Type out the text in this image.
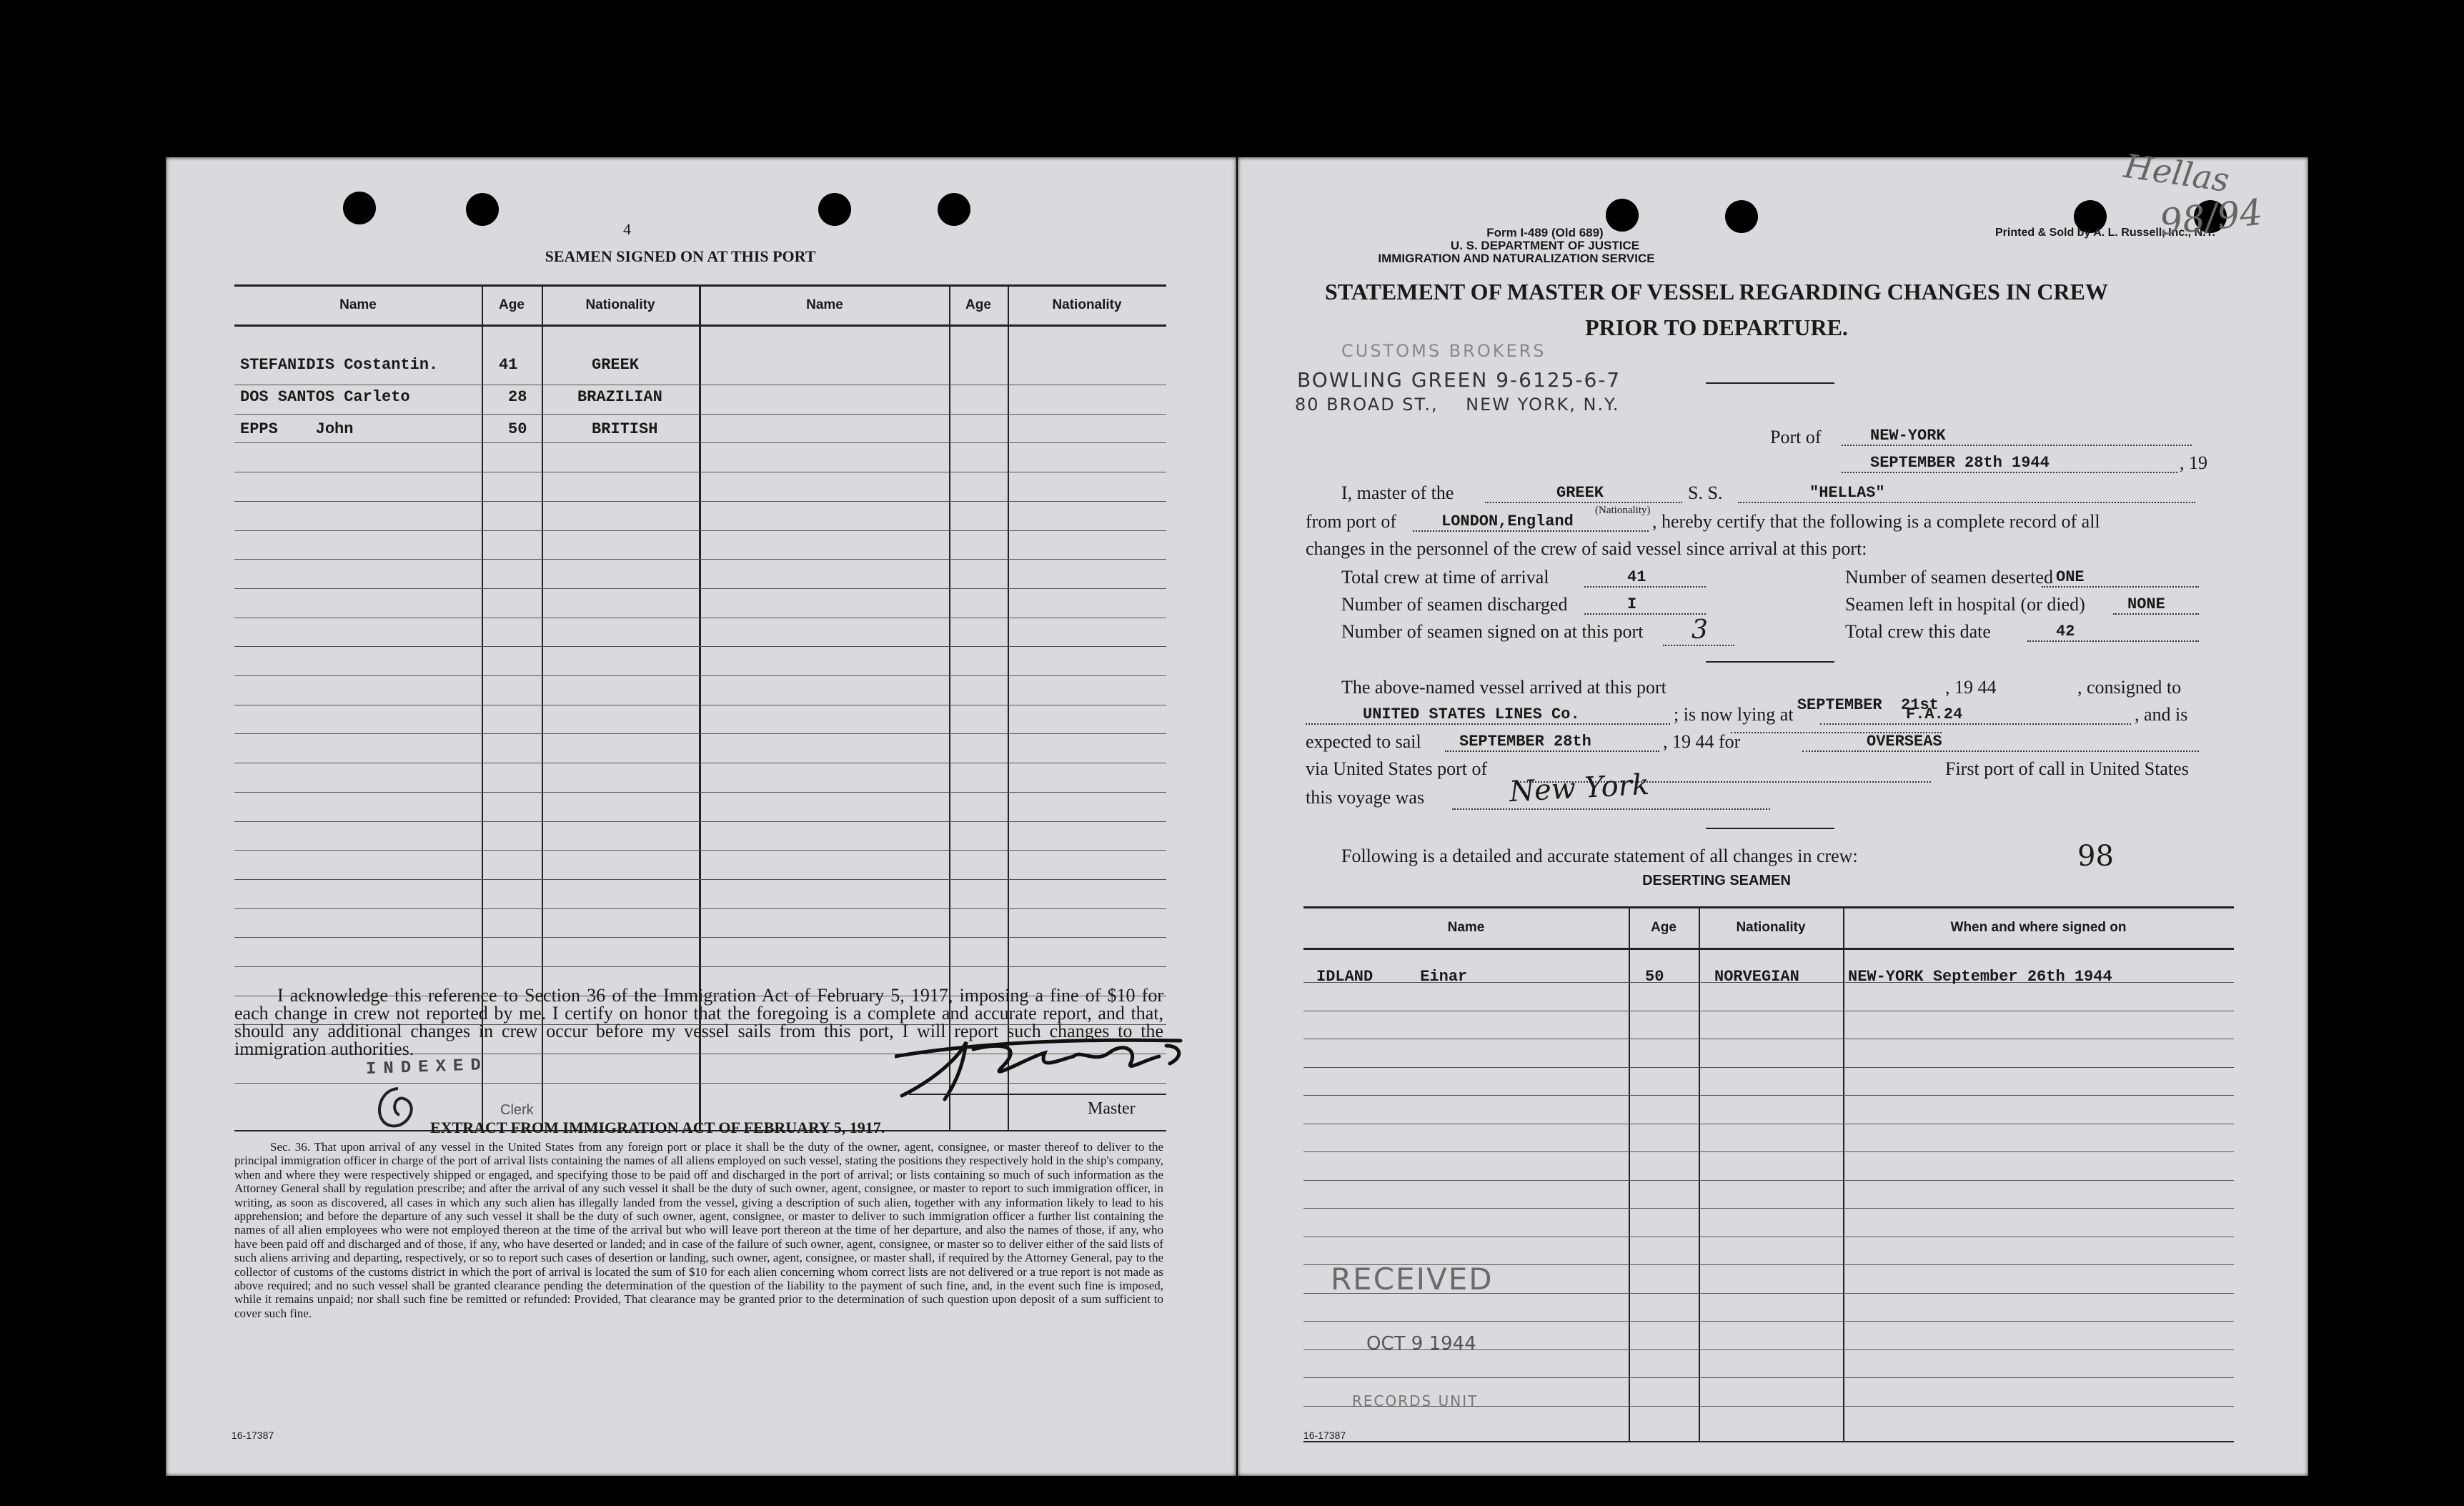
4
SEAMEN SIGNED ON AT THIS PORT
Name	Age	Nationality	Name	Age	Nationality
STEFANIDIS Costantin.	41	GREEK
DOS SANTOS Carleto	28	BRAZILIAN
EPPS    John	50	BRITISH
I acknowledge this reference to Section 36 of the Immigration Act of February 5, 1917, imposing a fine of $10 for each change in crew not reported by me. I certify on honor that the foregoing is a complete and accurate report, and that, should any additional changes in crew occur before my vessel sails from this port, I will report such changes to the immigration authorities.
INDEXED
Clerk	Master
EXTRACT FROM IMMIGRATION ACT OF FEBRUARY 5, 1917.
Sec. 36. That upon arrival of any vessel in the United States from any foreign port or place it shall be the duty of the owner, agent, consignee, or master thereof to deliver to the principal immigration officer in charge of the port of arrival lists containing the names of all aliens employed on such vessel, stating the positions they respectively hold in the ship's company, when and where they were respectively shipped or engaged, and specifying those to be paid off and discharged in the port of arrival; or lists containing so much of such information as the Attorney General shall by regulation prescribe; and after the arrival of any such vessel it shall be the duty of such owner, agent, consignee, or master to report to such immigration officer, in writing, as soon as discovered, all cases in which any such alien has illegally landed from the vessel, giving a description of such alien, together with any information likely to lead to his apprehension; and before the departure of any such vessel it shall be the duty of such owner, agent, consignee, or master to deliver to such immigration officer a further list containing the names of all alien employees who were not employed thereon at the time of the arrival but who will leave port thereon at the time of her departure, and also the names of those, if any, who have been paid off and discharged and of those, if any, who have deserted or landed; and in case of the failure of such owner, agent, consignee, or master so to deliver either of the said lists of such aliens arriving and departing, respectively, or so to report such cases of desertion or landing, such owner, agent, consignee, or master shall, if required by the Attorney General, pay to the collector of customs of the customs district in which the port of arrival is located the sum of $10 for each alien concerning whom correct lists are not delivered or a true report is not made as above required; and no such vessel shall be granted clearance pending the determination of the question of the liability to the payment of such fine, and, in the event such fine is imposed, while it remains unpaid; nor shall such fine be remitted or refunded: Provided, That clearance may be granted prior to the determination of such question upon deposit of a sum sufficient to cover such fine.
16-17387
Form I-489 (Old 689)
U. S. DEPARTMENT OF JUSTICE
IMMIGRATION AND NATURALIZATION SERVICE
Printed & Sold by A. L. Russell, Inc., N.Y.
Hellas
98/94
STATEMENT OF MASTER OF VESSEL REGARDING CHANGES IN CREW
PRIOR TO DEPARTURE.
CUSTOMS BROKERS
BOWLING GREEN 9-6125-6-7
80 BROAD ST.,    NEW YORK, N.Y.
Port of	NEW-YORK
SEPTEMBER 28th 1944	, 19
I, master of the	GREEK	S. S.	"HELLAS"
(Nationality)
from port of	LONDON,England	, hereby certify that the following is a complete record of all
changes in the personnel of the crew of said vessel since arrival at this port:
Total crew at time of arrival	41	Number of seamen deserted ONE
Number of seamen discharged	I	Seamen left in hospital (or died)	NONE
Number of seamen signed on at this port	3	Total crew this date	42
The above-named vessel arrived at this port

SEPTEMBER  21st

, 19 44	, consigned to
UNITED STATES LINES Co.	; is now lying at	F.A.24	, and is
expected to sail	SEPTEMBER 28th	, 19 44 for	OVERSEAS
via United States port of New York	First port of call in United States
this voyage was
Following is a detailed and accurate statement of all changes in crew:	98
DESERTING SEAMEN
Name	Age	Nationality	When and where signed on
IDLAND     Einar	50	NORVEGIAN	NEW-YORK September 26th 1944
RECEIVED
OCT 9 1944
RECORDS UNIT
16-17387
